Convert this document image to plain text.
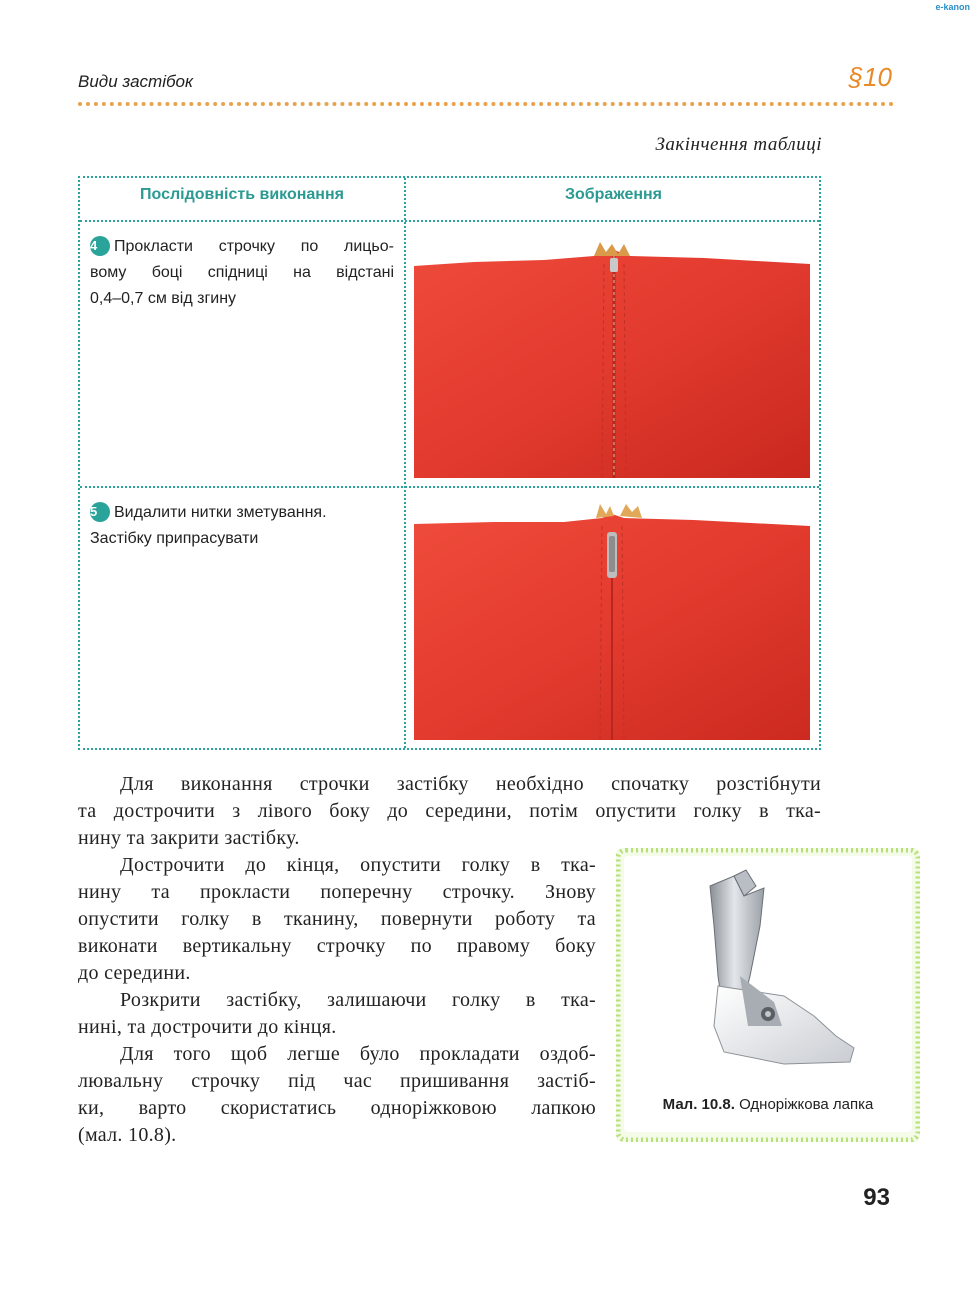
е-kanon
Види застібок	§10
Закінчення таблиці
Послідовність виконання	Зображення
4 Прокласти строчку по лицьо-
вому боці спідниці на відстані
0,4–0,7 см від згину
5 Видалити нитки зметування.
Застібку припрасувати
Для виконання строчки застібку необхідно спочатку розстібнути
та дострочити з лівого боку до середини, потім опустити голку в тка-
нину та закрити застібку.
Дострочити до кінця, опустити голку в тка-
нину та прокласти поперечну строчку. Знову
опустити голку в тканину, повернути роботу та
виконати вертикальну строчку по правому боку
до середини.
Розкрити застібку, залишаючи голку в тка-
нині, та дострочити до кінця.
Для того щоб легше було прокладати оздоб-
лювальну строчку під час пришивання застіб-
ки, варто скористатись одноріжковою лапкою
(мал. 10.8).
Мал. 10.8. Одноріжкова лапка
93
